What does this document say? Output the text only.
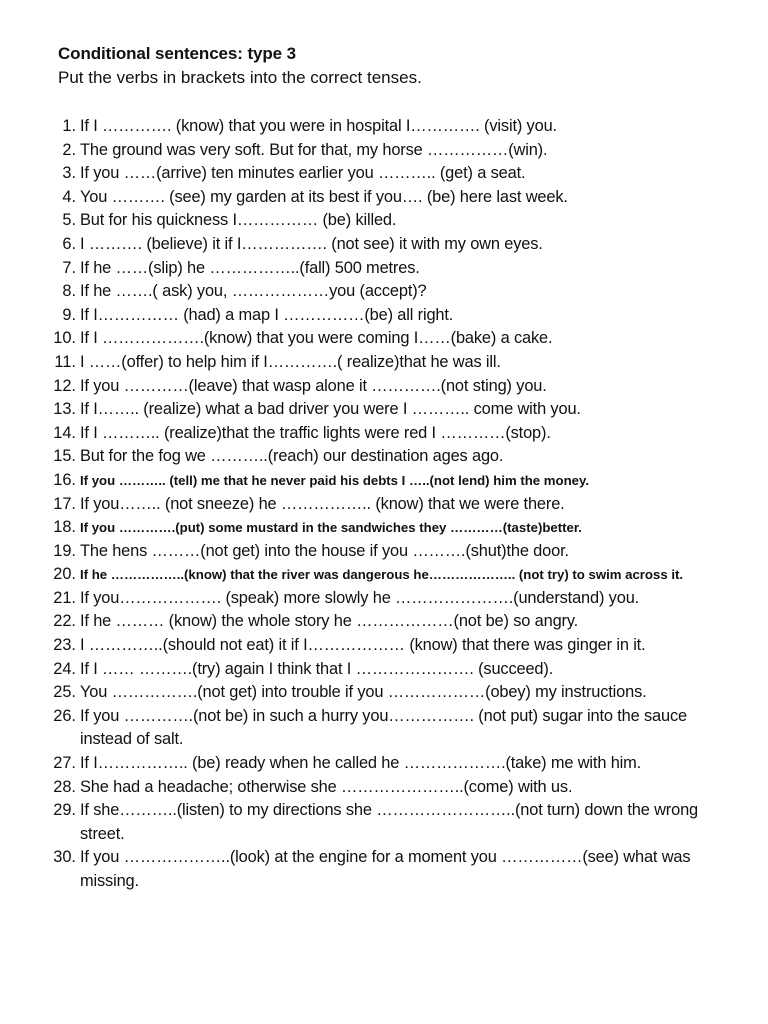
Conditional sentences: type 3
Put the verbs in brackets into the correct tenses.
1. If I …………. (know) that you were in hospital I…………. (visit) you.
2. The ground was very soft. But for that, my horse ……………(win).
3. If you ……(arrive) ten minutes earlier you ……….. (get) a seat.
4. You ………. (see) my garden at its best if you…. (be) here last week.
5. But for his quickness I…………… (be) killed.
6. I ………. (believe) it if I……………. (not see) it with my own eyes.
7. If he ……(slip) he ……………..(fall) 500 metres.
8. If he …….( ask) you, ………………you (accept)?
9. If I…………… (had) a map I ……………(be) all right.
10. If I ……………….(know) that you were coming I……(bake) a cake.
11. I ……(offer) to help him if I………….( realize)that he was ill.
12. If you …………(leave) that wasp alone it ………….(not sting) you.
13. If I…….. (realize) what a bad driver you were I ……….. come with you.
14. If I ……….. (realize)that the traffic lights were red I …………(stop).
15. But for the fog we ………..(reach) our destination ages ago.
16. If you ……….. (tell) me that he never paid his debts I …..(not lend) him the money.
17. If you…….. (not sneeze) he …………….. (know) that we were there.
18. If you ………….(put) some mustard in the sandwiches they …………(taste)better.
19. The hens ………(not get) into the house if you ……….(shut)the door.
20. If he ……………..(know) that the river was dangerous he……………….. (not try) to swim across it.
21. If you………………. (speak) more slowly he ………………….(understand) you.
22. If he ……… (know) the whole story he ………………(not be) so angry.
23. I …………..(should not eat) it if I……………… (know) that there was ginger in it.
24. If I …… ……….(try) again I think that I …………………. (succeed).
25. You …………….(not get) into trouble if you ………………(obey) my instructions.
26. If you ………….(not be) in such a hurry you……………. (not put) sugar into the sauce instead of salt.
27. If I…………….. (be) ready when he called he ……………….(take) me with him.
28. She had a headache; otherwise she …………………..(come) with us.
29. If she………..(listen) to my directions she ……………………..(not turn) down the wrong street.
30. If you ………………..(look) at the engine for a moment you ……………(see) what was missing.
